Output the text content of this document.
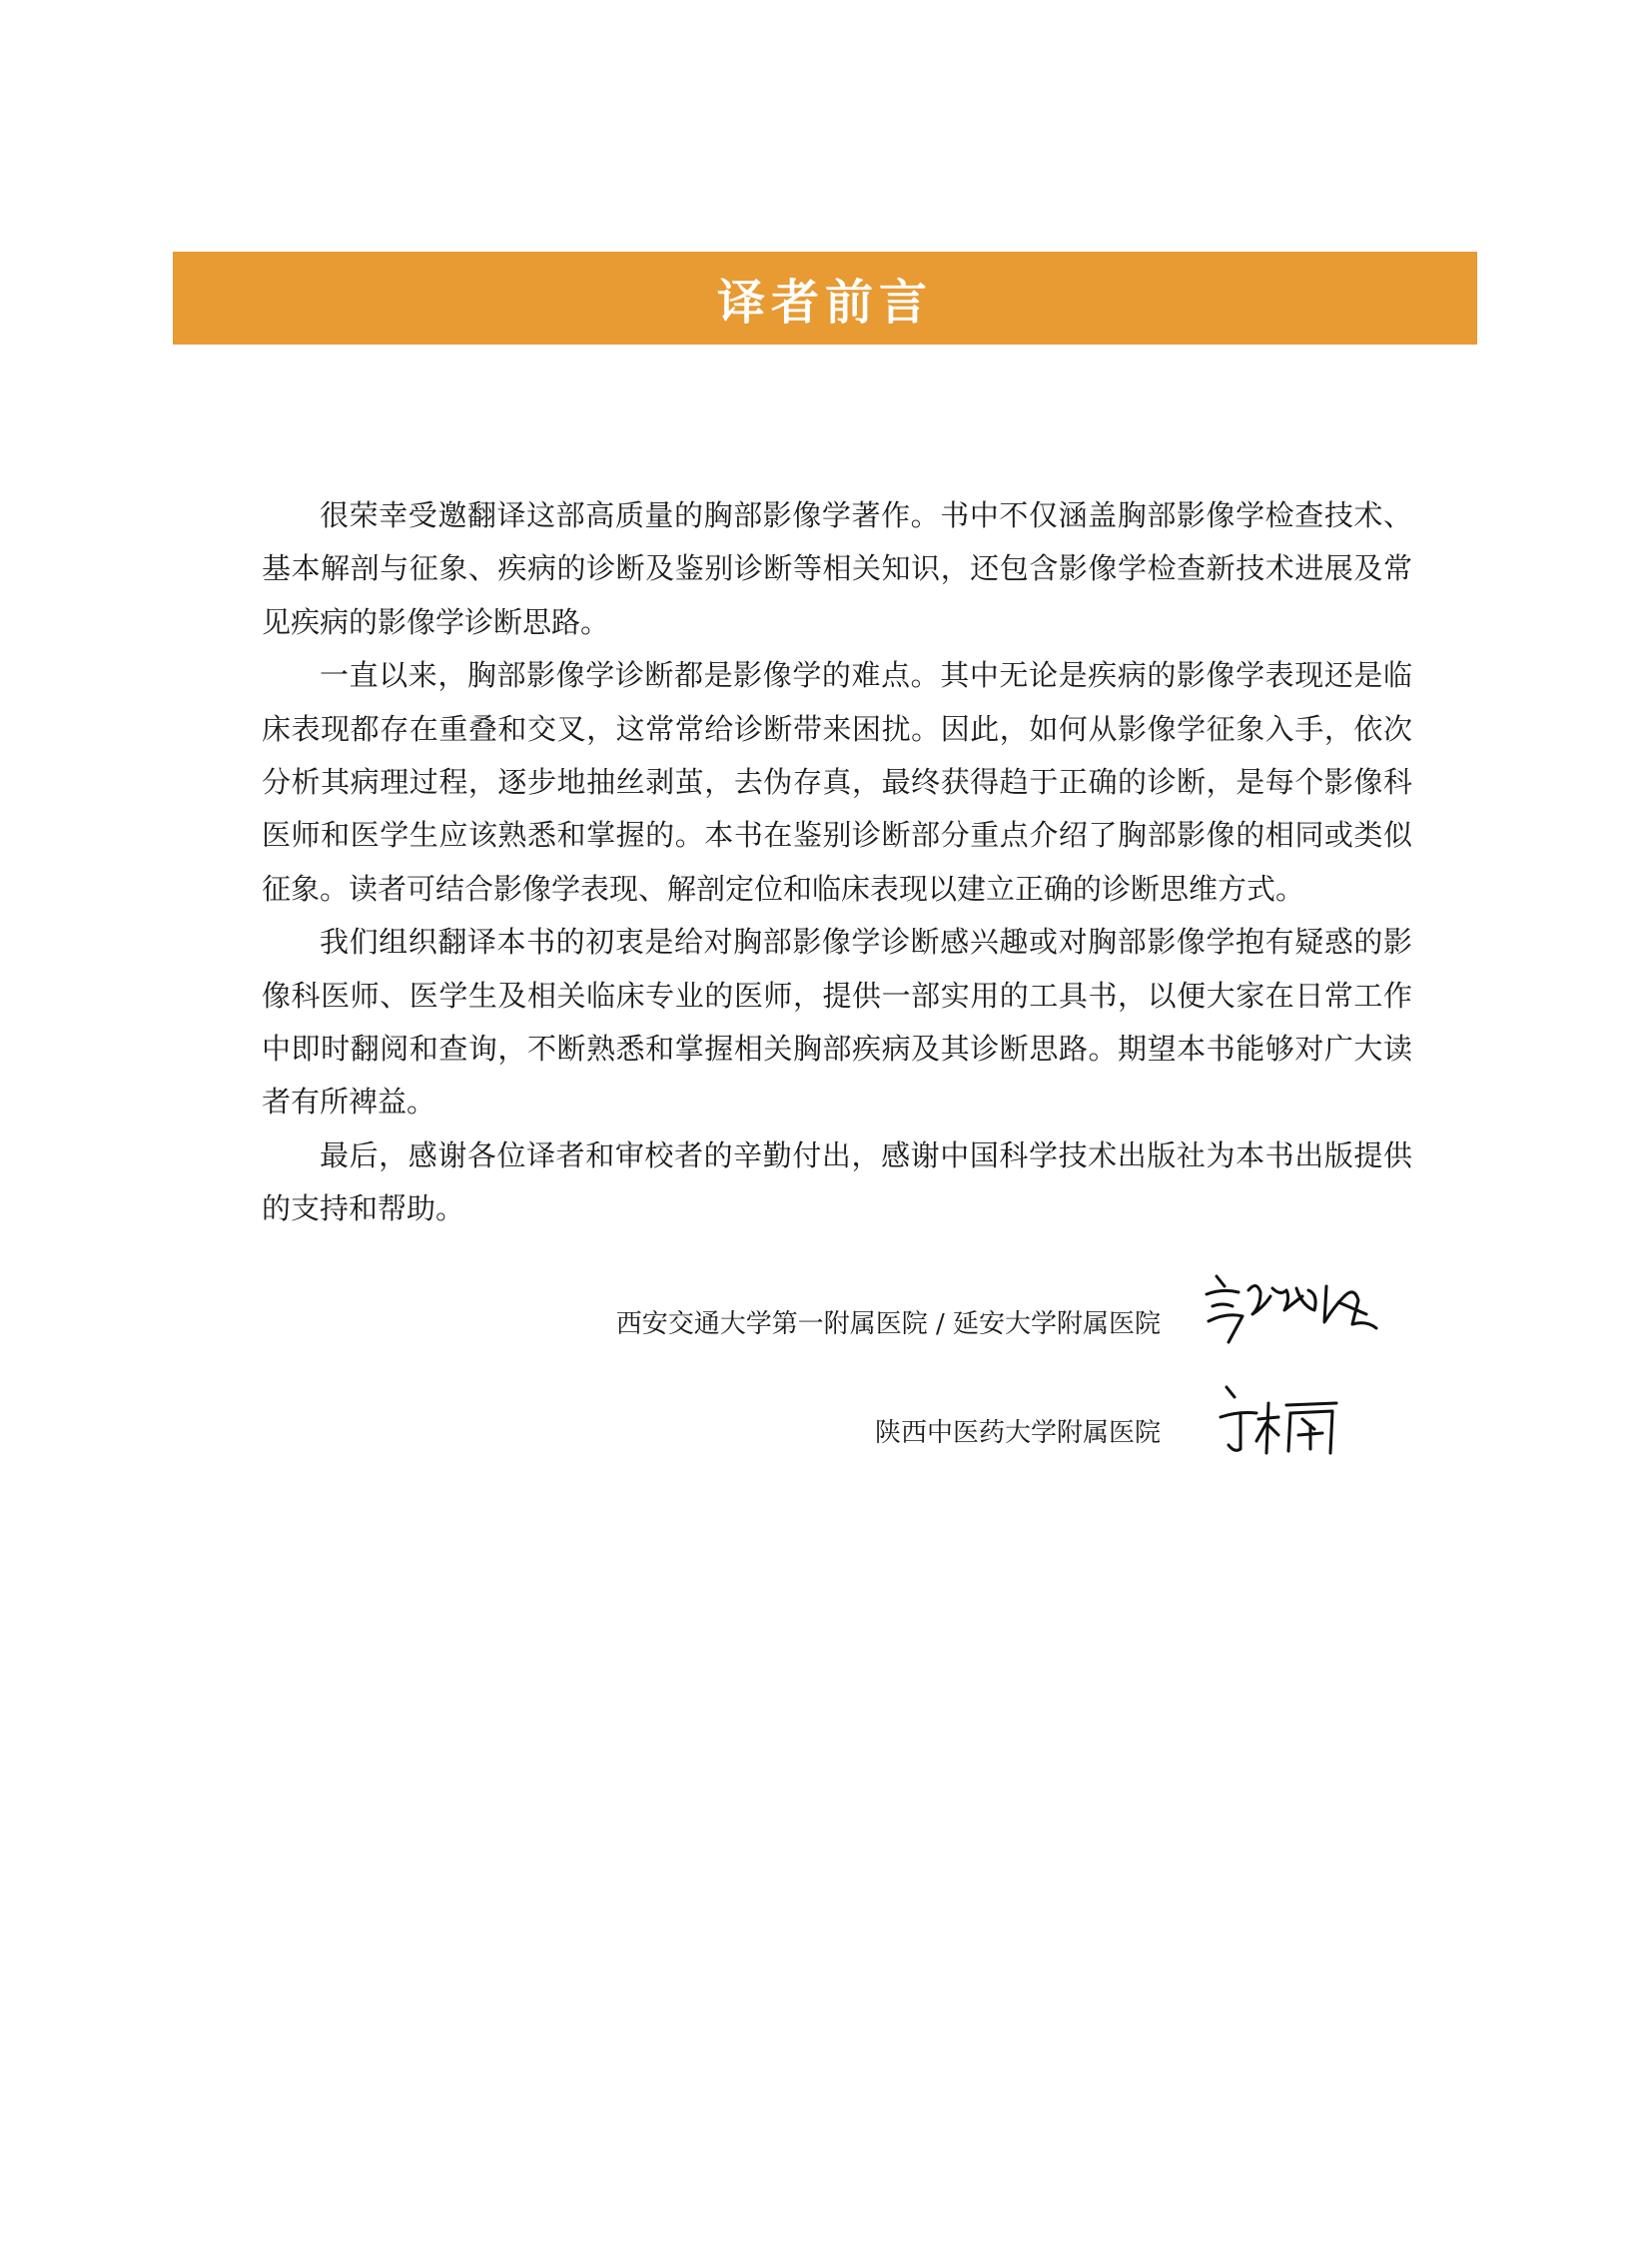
译者前言

很荣幸受邀翻译这部高质量的胸部影像学著作。书中不仅涵盖胸部影像学检查技术、基本解剖与征象、疾病的诊断及鉴别诊断等相关知识，还包含影像学检查新技术进展及常见疾病的影像学诊断思路。

一直以来，胸部影像学诊断都是影像学的难点。其中无论是疾病的影像学表现还是临床表现都存在重叠和交叉，这常常给诊断带来困扰。因此，如何从影像学征象入手，依次分析其病理过程，逐步地抽丝剥茧，去伪存真，最终获得趋于正确的诊断，是每个影像科医师和医学生应该熟悉和掌握的。本书在鉴别诊断部分重点介绍了胸部影像的相同或类似征象。读者可结合影像学表现、解剖定位和临床表现以建立正确的诊断思维方式。

我们组织翻译本书的初衷是给对胸部影像学诊断感兴趣或对胸部影像学抱有疑惑的影像科医师、医学生及相关临床专业的医师，提供一部实用的工具书，以便大家在日常工作中即时翻阅和查询，不断熟悉和掌握相关胸部疾病及其诊断思路。期望本书能够对广大读者有所裨益。

最后，感谢各位译者和审校者的辛勤付出，感谢中国科学技术出版社为本书出版提供的支持和帮助。

西安交通大学第一附属医院 / 延安大学附属医院
陕西中医药大学附属医院
